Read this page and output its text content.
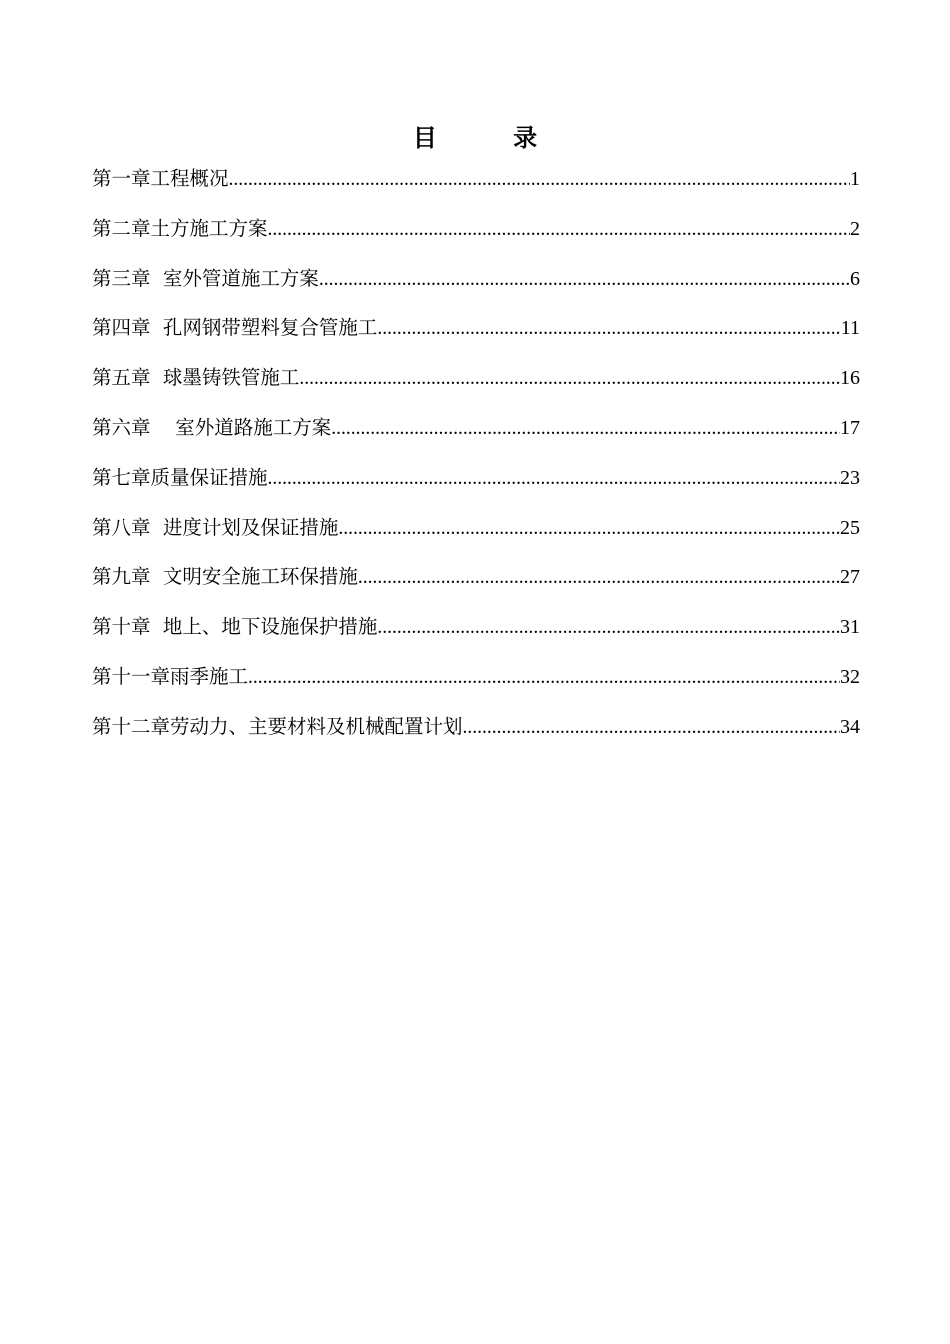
目 录
第一章工程概况 .....	1
第二章土方施工方案 .....	2
第三章  室外管道施工方案 .....	6
第四章  孔网钢带塑料复合管施工 .....	11
第五章  球墨铸铁管施工 .....	16
第六章    室外道路施工方案 .....	17
第七章质量保证措施 .....	23
第八章  进度计划及保证措施 .....	25
第九章  文明安全施工环保措施 .....	27
第十章  地上、地下设施保护措施 .....	31
第十一章雨季施工 .....	32
第十二章劳动力、主要材料及机械配置计划 .....	34
